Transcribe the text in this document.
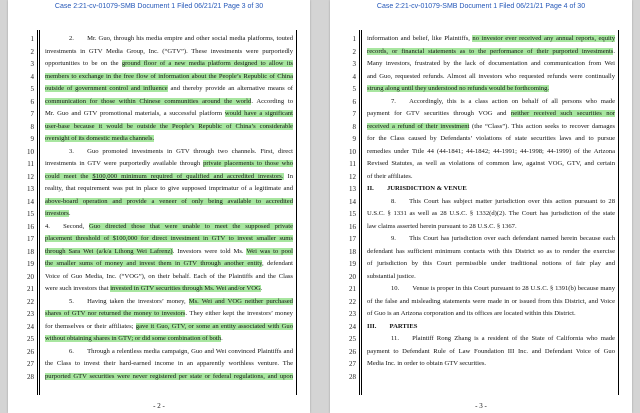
Case 2:21-cv-01079-SMB Document 1 Filed 06/21/21 Page 3 of 30
1
2
3
4
5
6
7
8
9
10
11
12
13
14
15
16
17
18
19
20
21
22
23
24
25
26
27
28
2.  Mr. Guo, through his media empire and other social media platforms, touted
investments in GTV Media Group, Inc. (“GTV”). These investments were purportedly
opportunities to be on the ground floor of a new media platform designed to allow its
members to exchange in the free flow of information about the People’s Republic of China
outside of government control and influence and thereby provide an alternative means of
communication for those within Chinese communities around the world. According to
Mr. Guo and GTV promotional materials, a successful platform would have a significant
user-base because it would be outside the People’s Republic of China’s considerable
oversight of its domestic media channels.
3.  Guo promoted investments in GTV through two channels. First, direct
investments in GTV were purportedly available through private placements to those who
could meet the $100,000 minimum required of qualified and accredited investors. In
reality, that requirement was put in place to give supposed imprimatur of a legitimate and
above-board operation and provide a veneer of only being available to accredited
investors.
4.  Second, Guo directed those that were unable to meet the supposed private
placement threshold of $100,000 for direct investment in GTV to invest smaller sums
through Sara Wei (a/k/a Lihong Wei Lafrenz). Investors were told Ms. Wei was to pool
the smaller sums of money and invest them in GTV through another entity, defendant
Voice of Guo Media, Inc. (“VOG”), on their behalf. Each of the Plaintiffs and the Class
were such investors that invested in GTV securities through Ms. Wei and/or VOG.
5.  Having taken the investors’ money, Ms. Wei and VOG neither purchased
shares of GTV nor returned the money to investors. They either kept the investors’ money
for themselves or their affiliates; gave it Guo, GTV, or some an entity associated with Guo
without obtaining shares in GTV; or did some combination of both.
6.  Through a relentless media campaign, Guo and Wei convinced Plaintiffs and
the Class to invest their hard-earned income in an apparently worthless venture. The
purported GTV securities were never registered per state or federal regulations, and upon
- 2 -
Case 2:21-cv-01079-SMB Document 1 Filed 06/21/21 Page 4 of 30
1
2
3
4
5
6
7
8
9
10
11
12
13
14
15
16
17
18
19
20
21
22
23
24
25
26
27
28
information and belief, like Plaintiffs, no investor ever received any annual reports, equity
records, or financial statements as to the performance of their purported investments.
Many investors, frustrated by the lack of documentation and communication from Wei
and Guo, requested refunds. Almost all investors who requested refunds were continually
strung along until they understood no refunds would be forthcoming.
7.  Accordingly, this is a class action on behalf of all persons who made
payment for GTV securities through VOG and neither received such securities nor
received a refund of their investment (the “Class”). This action seeks to recover damages
for the Class caused by Defendants’ violations of state securities laws and to pursue
remedies under Title 44 (44-1841; 44-1842; 44-1991; 44-1998; 44-1999) of the Arizona
Revised Statutes, as well as violations of common law, against VOG, GTV, and certain
of their affiliates.
II.  JURISDICTION & VENUE
8.  This Court has subject matter jurisdiction over this action pursuant to 28
U.S.C. § 1331 as well as 28 U.S.C. § 1332(d)(2). The Court has jurisdiction of the state
law claims asserted herein pursuant to 28 U.S.C. § 1367.
9.  This Court has jurisdiction over each defendant named herein because each
defendant has sufficient minimum contacts with this District so as to render the exercise
of jurisdiction by this Court permissible under traditional notions of fair play and
substantial justice.
10.  Venue is proper in this Court pursuant to 28 U.S.C. § 1391(b) because many
of the false and misleading statements were made in or issued from this District, and Voice
of Guo is an Arizona corporation and its offices are located within this District.
III.  PARTIES
11.  Plaintiff Rong Zhang is a resident of the State of California who made
payment to Defendant Rule of Law Foundation III Inc. and Defendant Voice of Guo
Media Inc. in order to obtain GTV securities.
- 3 -
